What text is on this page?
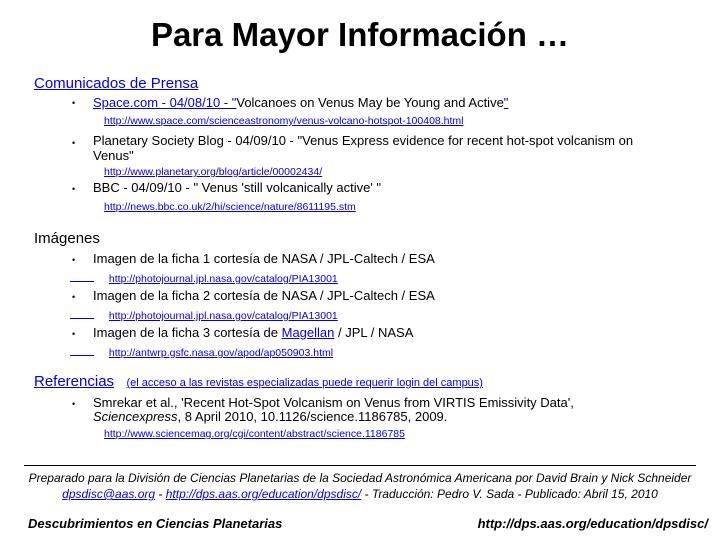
Para Mayor Información …
Comunicados de Prensa
• Space.com - 04/08/10 - "Volcanoes on Venus May be Young and Active"
http://www.space.com/scienceastronomy/venus-volcano-hotspot-100408.html
• Planetary Society Blog - 04/09/10 - "Venus Express evidence for recent hot-spot volcanism on
Venus"
http://www.planetary.org/blog/article/00002434/
• BBC - 04/09/10 - " Venus 'still volcanically active' "
http://news.bbc.co.uk/2/hi/science/nature/8611195.stm
Imágenes
• Imagen de la ficha 1 cortesía de NASA / JPL-Caltech / ESA
http://photojournal.jpl.nasa.gov/catalog/PIA13001
• Imagen de la ficha 2 cortesía de NASA / JPL-Caltech / ESA
http://photojournal.jpl.nasa.gov/catalog/PIA13001
• Imagen de la ficha 3 cortesía de Magellan / JPL / NASA
http://antwrp.gsfc.nasa.gov/apod/ap050903.html
Referencias (el acceso a las revistas especializadas puede requerir login del campus)
• Smrekar et al., 'Recent Hot-Spot Volcanism on Venus from VIRTIS Emissivity Data',
Sciencexpress, 8 April 2010, 10.1126/science.1186785, 2009.
http://www.sciencemag.org/cgi/content/abstract/science.1186785
Preparado para la División de Ciencias Planetarias de la Sociedad Astronómica Americana por David Brain y Nick Schneider
dpsdisc@aas.org - http://dps.aas.org/education/dpsdisc/ - Traducción: Pedro V. Sada - Publicado: Abril 15, 2010
Descubrimientos en Ciencias Planetarias	http://dps.aas.org/education/dpsdisc/
